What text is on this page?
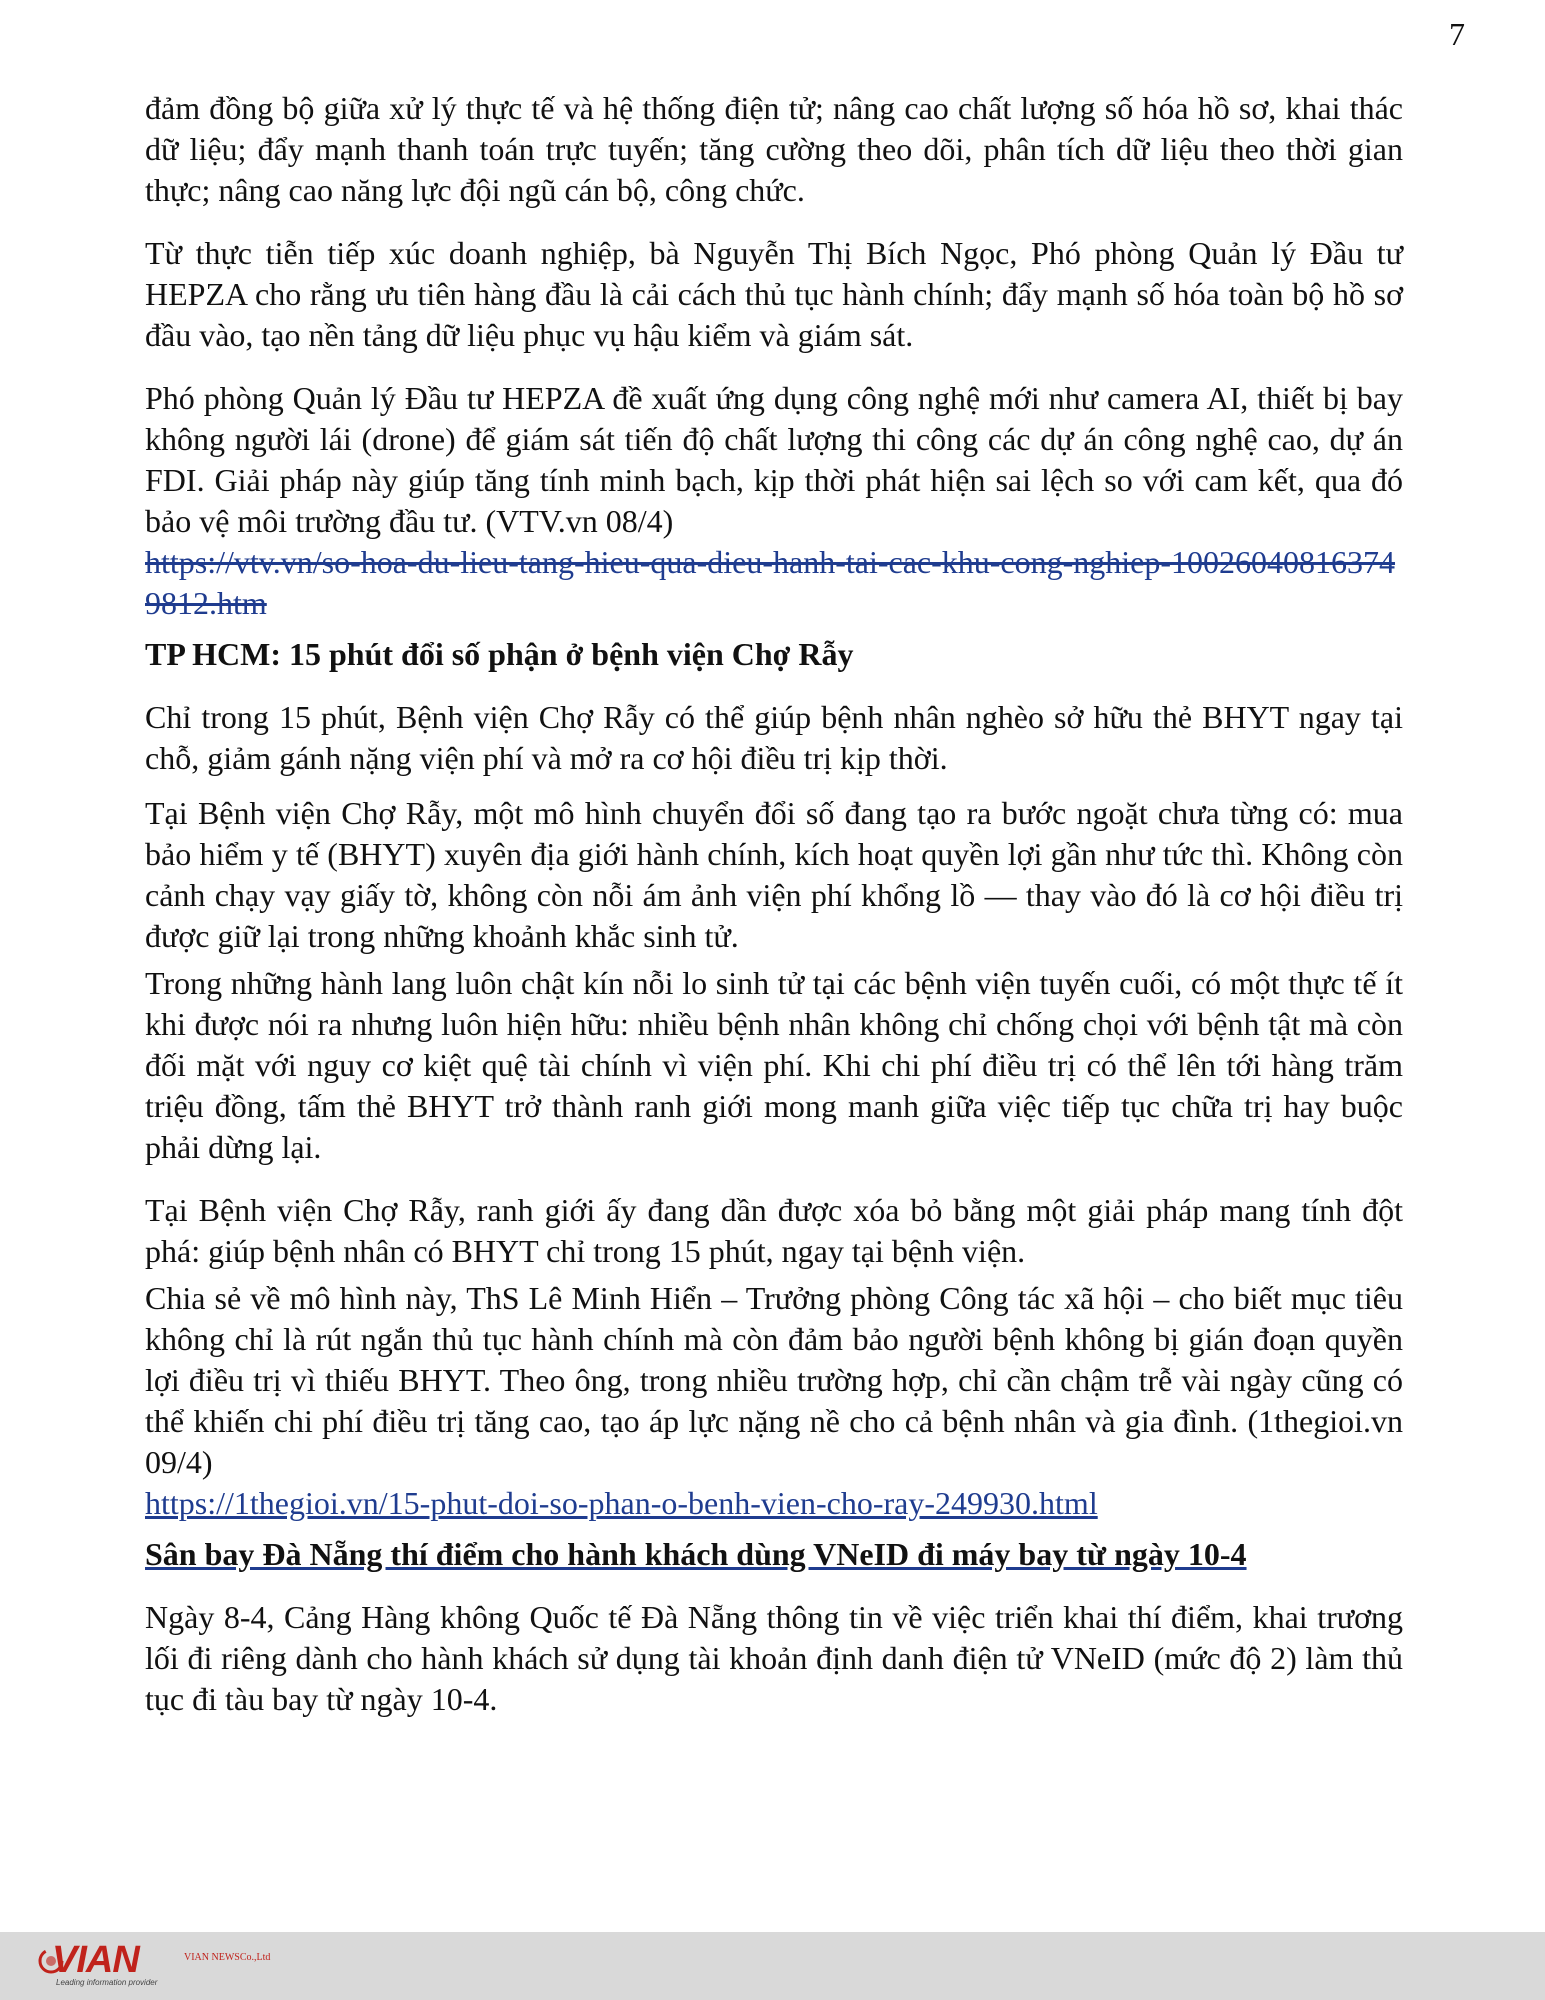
7

đảm đồng bộ giữa xử lý thực tế và hệ thống điện tử; nâng cao chất lượng số hóa hồ sơ, khai thác dữ liệu; đẩy mạnh thanh toán trực tuyến; tăng cường theo dõi, phân tích dữ liệu theo thời gian thực; nâng cao năng lực đội ngũ cán bộ, công chức.

Từ thực tiễn tiếp xúc doanh nghiệp, bà Nguyễn Thị Bích Ngọc, Phó phòng Quản lý Đầu tư HEPZA cho rằng ưu tiên hàng đầu là cải cách thủ tục hành chính; đẩy mạnh số hóa toàn bộ hồ sơ đầu vào, tạo nền tảng dữ liệu phục vụ hậu kiểm và giám sát.

Phó phòng Quản lý Đầu tư HEPZA đề xuất ứng dụng công nghệ mới như camera AI, thiết bị bay không người lái (drone) để giám sát tiến độ chất lượng thi công các dự án công nghệ cao, dự án FDI. Giải pháp này giúp tăng tính minh bạch, kịp thời phát hiện sai lệch so với cam kết, qua đó bảo vệ môi trường đầu tư. (VTV.vn 08/4)

https://vtv.vn/so-hoa-du-lieu-tang-hieu-qua-dieu-hanh-tai-cac-khu-cong-nghiep-100260408163749812.htm
TP HCM: 15 phút đổi số phận ở bệnh viện Chợ Rẫy

Chỉ trong 15 phút, Bệnh viện Chợ Rẫy có thể giúp bệnh nhân nghèo sở hữu thẻ BHYT ngay tại chỗ, giảm gánh nặng viện phí và mở ra cơ hội điều trị kịp thời.

Tại Bệnh viện Chợ Rẫy, một mô hình chuyển đổi số đang tạo ra bước ngoặt chưa từng có: mua bảo hiểm y tế (BHYT) xuyên địa giới hành chính, kích hoạt quyền lợi gần như tức thì. Không còn cảnh chạy vạy giấy tờ, không còn nỗi ám ảnh viện phí khổng lồ — thay vào đó là cơ hội điều trị được giữ lại trong những khoảnh khắc sinh tử.

Trong những hành lang luôn chật kín nỗi lo sinh tử tại các bệnh viện tuyến cuối, có một thực tế ít khi được nói ra nhưng luôn hiện hữu: nhiều bệnh nhân không chỉ chống chọi với bệnh tật mà còn đối mặt với nguy cơ kiệt quệ tài chính vì viện phí. Khi chi phí điều trị có thể lên tới hàng trăm triệu đồng, tấm thẻ BHYT trở thành ranh giới mong manh giữa việc tiếp tục chữa trị hay buộc phải dừng lại.

Tại Bệnh viện Chợ Rẫy, ranh giới ấy đang dần được xóa bỏ bằng một giải pháp mang tính đột phá: giúp bệnh nhân có BHYT chỉ trong 15 phút, ngay tại bệnh viện.

Chia sẻ về mô hình này, ThS Lê Minh Hiển – Trưởng phòng Công tác xã hội – cho biết mục tiêu không chỉ là rút ngắn thủ tục hành chính mà còn đảm bảo người bệnh không bị gián đoạn quyền lợi điều trị vì thiếu BHYT. Theo ông, trong nhiều trường hợp, chỉ cần chậm trễ vài ngày cũng có thể khiến chi phí điều trị tăng cao, tạo áp lực nặng nề cho cả bệnh nhân và gia đình. (1thegioi.vn 09/4)

https://1thegioi.vn/15-phut-doi-so-phan-o-benh-vien-cho-ray-249930.html
Sân bay Đà Nẵng thí điểm cho hành khách dùng VNeID đi máy bay từ ngày 10-4

Ngày 8-4, Cảng Hàng không Quốc tế Đà Nẵng thông tin về việc triển khai thí điểm, khai trương lối đi riêng dành cho hành khách sử dụng tài khoản định danh điện tử VNeID (mức độ 2) làm thủ tục đi tàu bay từ ngày 10-4.

VIAN	VIAN NEWSCo.,Ltd
Leading information provider
